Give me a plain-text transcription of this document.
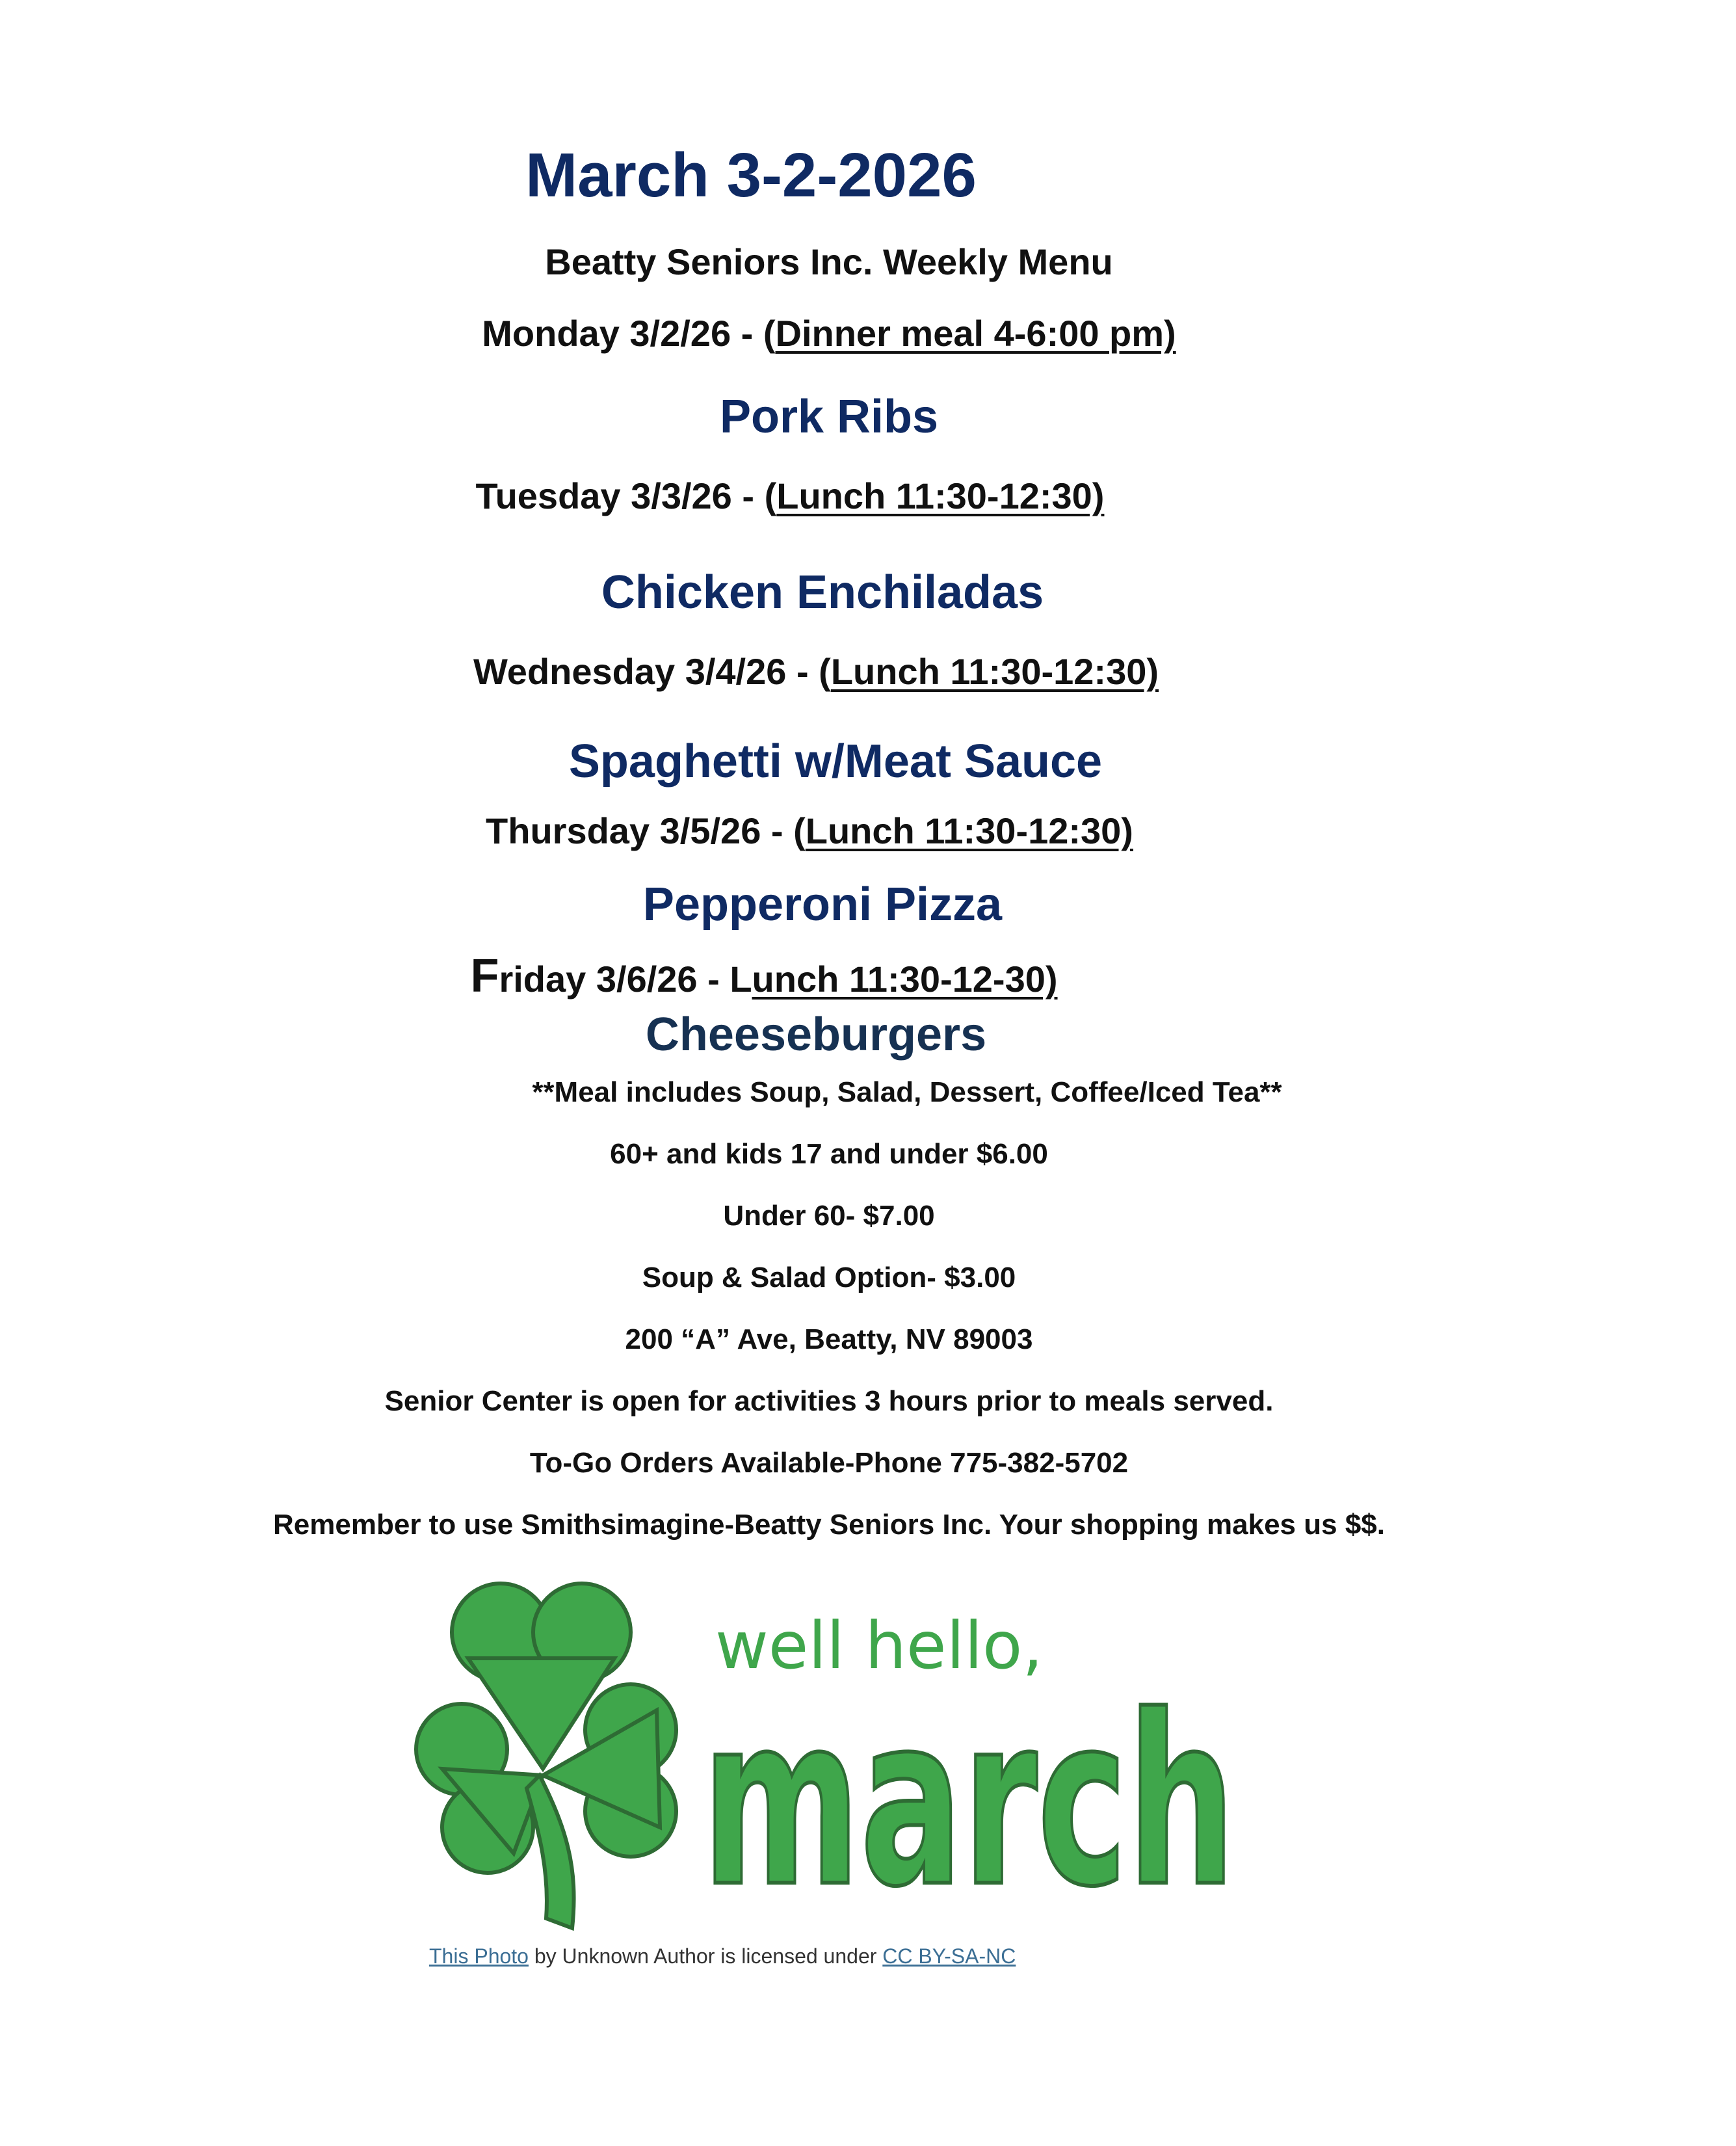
March 3-2-2026
Beatty Seniors Inc. Weekly Menu
Monday 3/2/26 - (Dinner meal 4-6:00 pm)
Pork Ribs
Tuesday 3/3/26 - (Lunch 11:30-12:30)
Chicken Enchiladas
Wednesday 3/4/26 - (Lunch 11:30-12:30)
Spaghetti w/Meat Sauce
Thursday 3/5/26 - (Lunch 11:30-12:30)
Pepperoni Pizza
Friday 3/6/26 - Lunch 11:30-12-30)
Cheeseburgers
**Meal includes Soup, Salad, Dessert, Coffee/Iced Tea**
60+ and kids 17 and under $6.00
Under 60- $7.00
Soup & Salad Option- $3.00
200 “A” Ave, Beatty, NV 89003
Senior Center is open for activities 3 hours prior to meals served.
To-Go Orders Available-Phone 775-382-5702
Remember to use Smithsimagine-Beatty Seniors Inc. Your shopping makes us $$.
well hello,
march
This Photo by Unknown Author is licensed under CC BY-SA-NC
